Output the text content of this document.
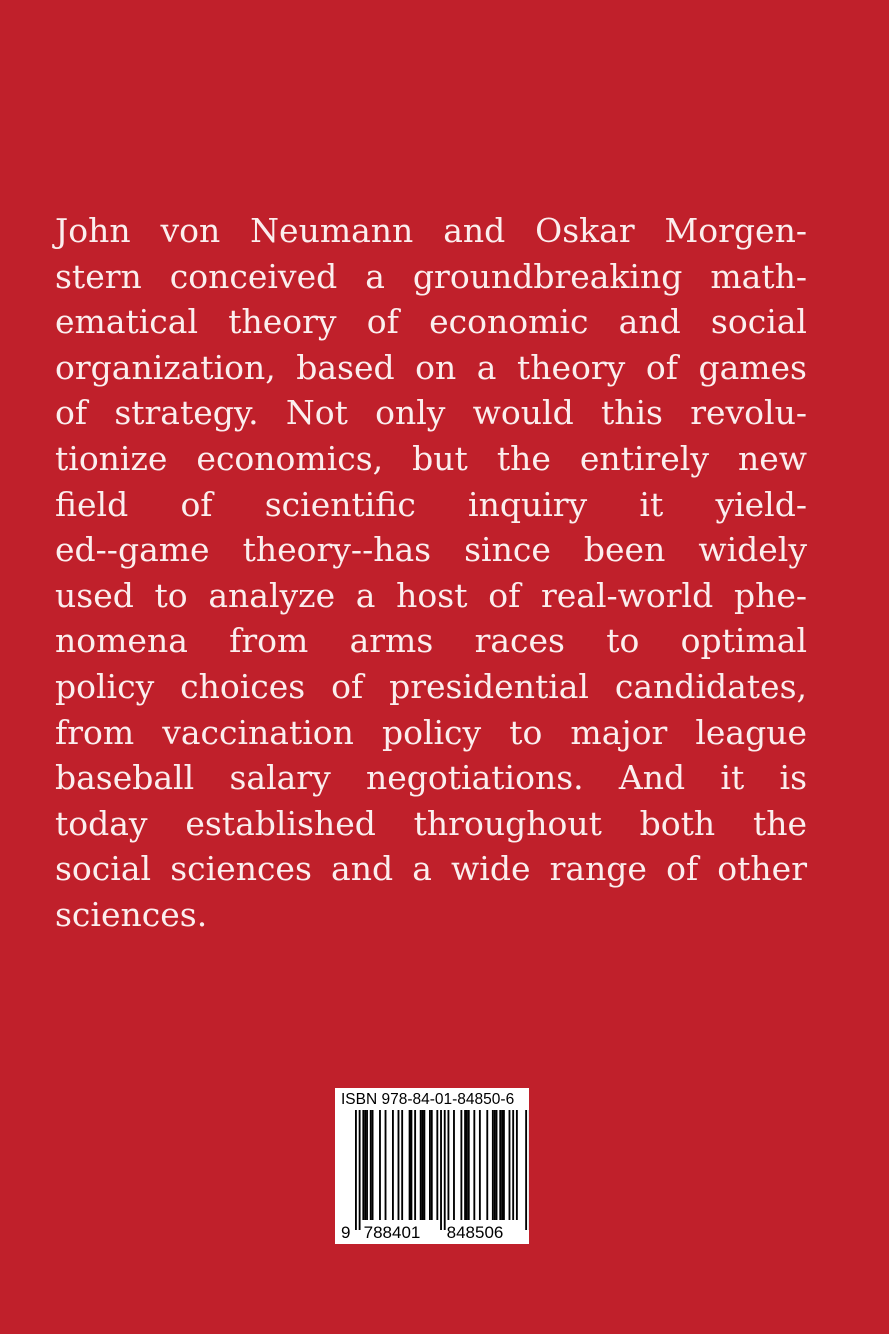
John von Neumann and Oskar Morgen-
stern conceived a groundbreaking math-
ematical theory of economic and social
organization, based on a theory of games
of strategy. Not only would this revolu-
tionize economics, but the entirely new
field of scientific inquiry it yield-
ed--game theory--has since been widely
used to analyze a host of real-world phe-
nomena from arms races to optimal
policy choices of presidential candidates,
from vaccination policy to major league
baseball salary negotiations. And it is
today established throughout both the
social sciences and a wide range of other
sciences.
ISBN 978-84-01-84850-6
9 788401 848506
